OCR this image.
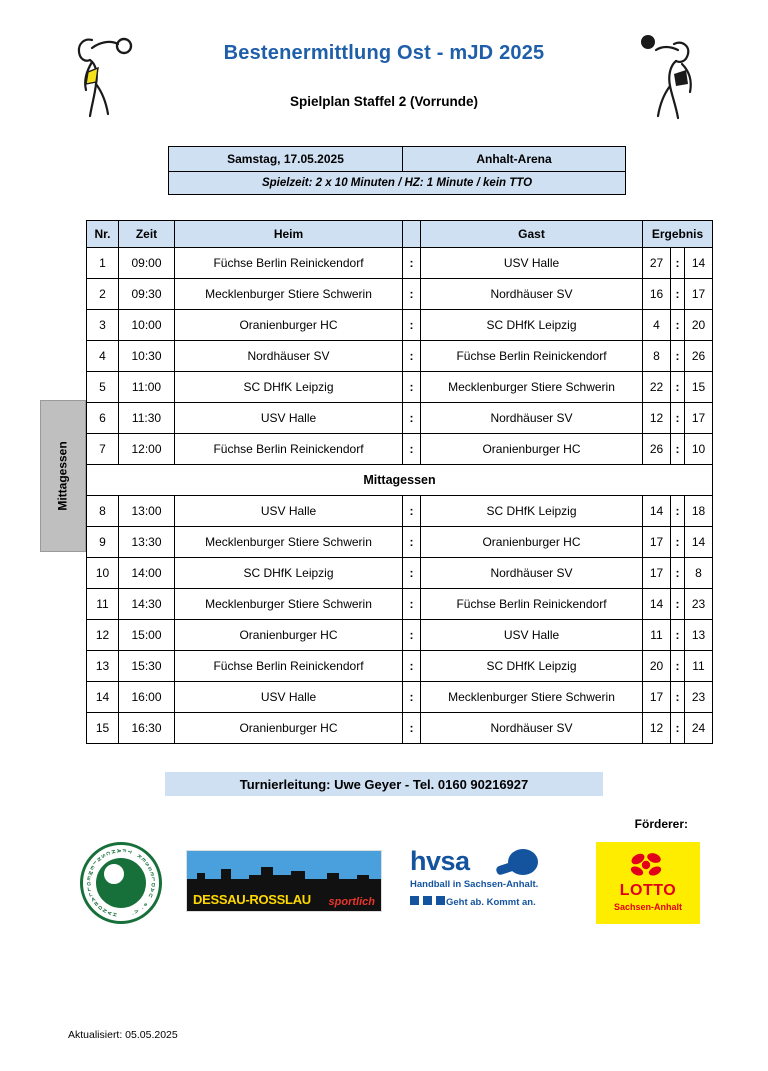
Bestenermittlung Ost - mJD 2025
Spielplan Staffel 2 (Vorrunde)
Samstag, 17.05.2025	Anhalt-Arena
Spielzeit: 2 x 10 Minuten / HZ: 1 Minute / kein TTO
Mittagessen
Nr.	Zeit	Heim		Gast	Ergebnis		
1	09:00	Füchse Berlin Reinickendorf	:	USV Halle	27	:	14
2	09:30	Mecklenburger Stiere Schwerin	:	Nordhäuser SV	16	:	17
3	10:00	Oranienburger HC	:	SC DHfK Leipzig	4	:	20
4	10:30	Nordhäuser SV	:	Füchse Berlin Reinickendorf	8	:	26
5	11:00	SC DHfK Leipzig	:	Mecklenburger Stiere Schwerin	22	:	15
6	11:30	USV Halle	:	Nordhäuser SV	12	:	17
7	12:00	Füchse Berlin Reinickendorf	:	Oranienburger HC	26	:	10
Mittagessen							
8	13:00	USV Halle	:	SC DHfK Leipzig	14	:	18
9	13:30	Mecklenburger Stiere Schwerin	:	Oranienburger HC	17	:	14
10	14:00	SC DHfK Leipzig	:	Nordhäuser SV	17	:	8
11	14:30	Mecklenburger Stiere Schwerin	:	Füchse Berlin Reinickendorf	14	:	23
12	15:00	Oranienburger HC	:	USV Halle	11	:	13
13	15:30	Füchse Berlin Reinickendorf	:	SC DHfK Leipzig	20	:	11
14	16:00	USV Halle	:	Mecklenburger Stiere Schwerin	17	:	23
15	16:30	Oranienburger HC	:	Nordhäuser SV	12	:	24
Turnierleitung: Uwe Geyer - Tel. 0160 90216927
Förderer:
H
A
N
D
B
A
L
L
G
E
M
E
I
N
S
C
H A F
T
K
E
S
S
E
L
D
A
U
e
.
V
.
DESSAU-ROSSLAU sportlich
hvsa
Handball in Sachsen-Anhalt.
Geht ab. Kommt an.
LOTTO
Sachsen-Anhalt
Aktualisiert: 05.05.2025
